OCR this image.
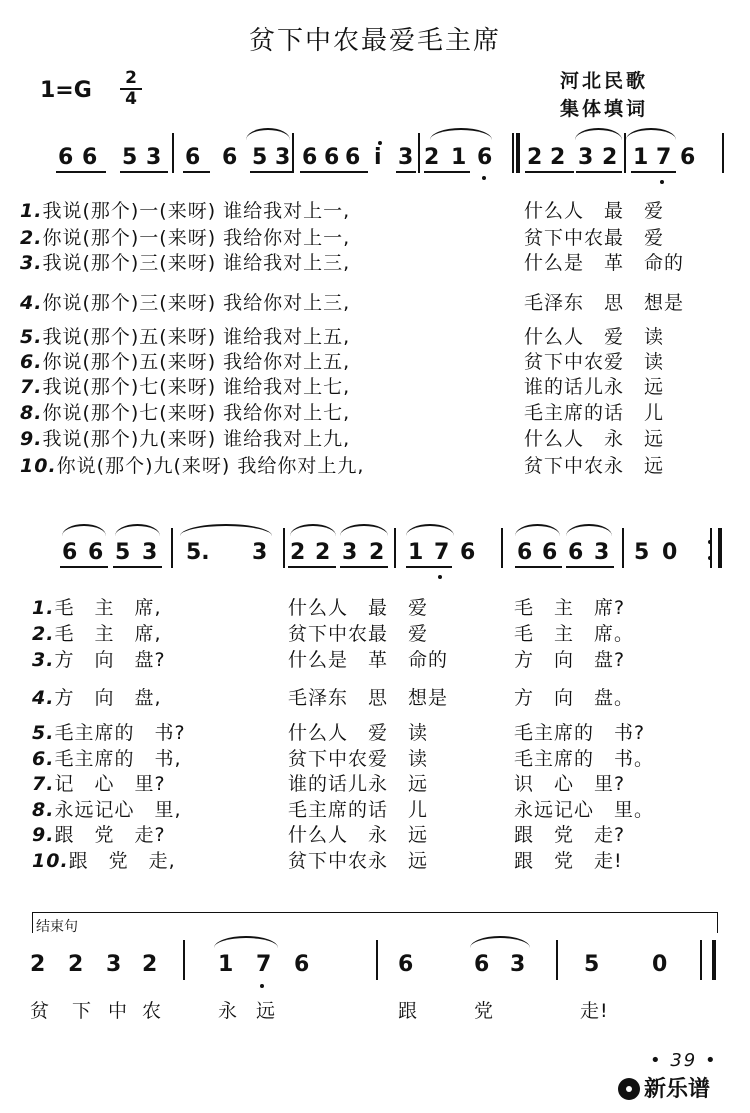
贫下中农最爱毛主席
1=G 2
4
河北民歌
集体填词
6 6 5 3 6 6 5 3 6 6 6 i 3 2 1 6 2 2 3 2 1 7 6
1.我说(那个)一(来呀) 谁给我对上一,	什么人　最　爱
2.你说(那个)一(来呀) 我给你对上一,	贫下中农最　爱
3.我说(那个)三(来呀) 谁给我对上三,	什么是　革　命的
4.你说(那个)三(来呀) 我给你对上三,	毛泽东　思　想是
5.我说(那个)五(来呀) 谁给我对上五,	什么人　爱　读
6.你说(那个)五(来呀) 我给你对上五,	贫下中农爱　读
7.我说(那个)七(来呀) 谁给我对上七,	谁的话儿永　远
8.你说(那个)七(来呀) 我给你对上七,	毛主席的话　儿
9.我说(那个)九(来呀) 谁给我对上九,	什么人　永　远
10.你说(那个)九(来呀) 我给你对上九,	贫下中农永　远
6 6 5 3 5. 3 2 2 3 2 1 7 6 6 6 6 3 5 0
1.毛　主　席,	什么人　最　爱	毛　主　席?
2.毛　主　席,	贫下中农最　爱	毛　主　席。
3.方　向　盘?	什么是　革　命的	方　向　盘?
4.方　向　盘,	毛泽东　思　想是	方　向　盘。
5.毛主席的　书?	什么人　爱　读	毛主席的　书?
6.毛主席的　书,	贫下中农爱　读	毛主席的　书。
7.记　心　里?	谁的话儿永　远	识　心　里?
8.永远记心　里,	毛主席的话　儿	永远记心　里。
9.跟　党　走?	什么人　永　远	跟　党　走?
10.跟　党　走,	贫下中农永　远	跟　党　走!
结束句
2 2 3 2	1 7 6	6	6 3	5 0
贫 下 中 农	永 远	跟	党	走!
• 39 •
新乐谱
